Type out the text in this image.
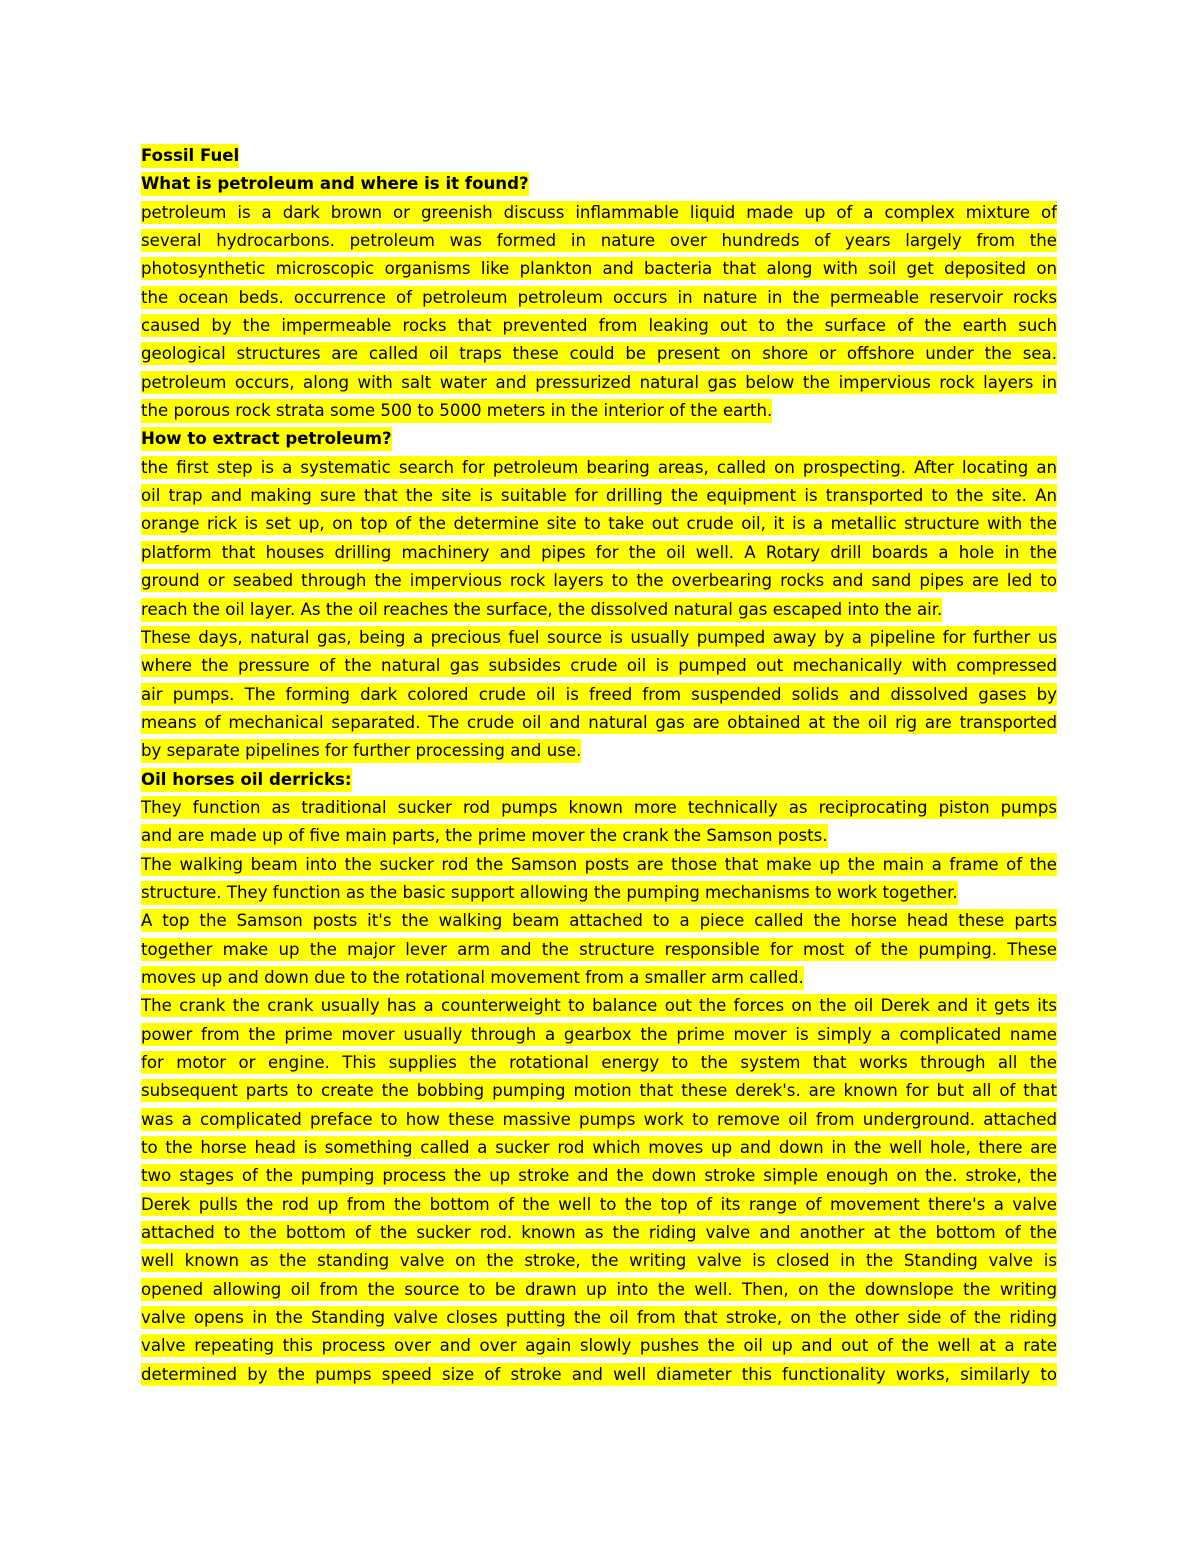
Fossil Fuel
What is petroleum and where is it found?
petroleum is a dark brown or greenish discuss inflammable liquid made up of a complex mixture of
several hydrocarbons. petroleum was formed in nature over hundreds of years largely from the
photosynthetic microscopic organisms like plankton and bacteria that along with soil get deposited on
the ocean beds. occurrence of petroleum petroleum occurs in nature in the permeable reservoir rocks
caused by the impermeable rocks that prevented from leaking out to the surface of the earth such
geological structures are called oil traps these could be present on shore or offshore under the sea.
petroleum occurs, along with salt water and pressurized natural gas below the impervious rock layers in
the porous rock strata some 500 to 5000 meters in the interior of the earth.
How to extract petroleum?
the first step is a systematic search for petroleum bearing areas, called on prospecting. After locating an
oil trap and making sure that the site is suitable for drilling the equipment is transported to the site. An
orange rick is set up, on top of the determine site to take out crude oil, it is a metallic structure with the
platform that houses drilling machinery and pipes for the oil well. A Rotary drill boards a hole in the
ground or seabed through the impervious rock layers to the overbearing rocks and sand pipes are led to
reach the oil layer. As the oil reaches the surface, the dissolved natural gas escaped into the air.
These days, natural gas, being a precious fuel source is usually pumped away by a pipeline for further us
where the pressure of the natural gas subsides crude oil is pumped out mechanically with compressed
air pumps. The forming dark colored crude oil is freed from suspended solids and dissolved gases by
means of mechanical separated. The crude oil and natural gas are obtained at the oil rig are transported
by separate pipelines for further processing and use.
Oil horses oil derricks:
They function as traditional sucker rod pumps known more technically as reciprocating piston pumps
and are made up of five main parts, the prime mover the crank the Samson posts.
The walking beam into the sucker rod the Samson posts are those that make up the main a frame of the
structure. They function as the basic support allowing the pumping mechanisms to work together.
A top the Samson posts it's the walking beam attached to a piece called the horse head these parts
together make up the major lever arm and the structure responsible for most of the pumping. These
moves up and down due to the rotational movement from a smaller arm called.
The crank the crank usually has a counterweight to balance out the forces on the oil Derek and it gets its
power from the prime mover usually through a gearbox the prime mover is simply a complicated name
for motor or engine. This supplies the rotational energy to the system that works through all the
subsequent parts to create the bobbing pumping motion that these derek's. are known for but all of that
was a complicated preface to how these massive pumps work to remove oil from underground. attached
to the horse head is something called a sucker rod which moves up and down in the well hole, there are
two stages of the pumping process the up stroke and the down stroke simple enough on the. stroke, the
Derek pulls the rod up from the bottom of the well to the top of its range of movement there's a valve
attached to the bottom of the sucker rod. known as the riding valve and another at the bottom of the
well known as the standing valve on the stroke, the writing valve is closed in the Standing valve is
opened allowing oil from the source to be drawn up into the well. Then, on the downslope the writing
valve opens in the Standing valve closes putting the oil from that stroke, on the other side of the riding
valve repeating this process over and over again slowly pushes the oil up and out of the well at a rate
determined by the pumps speed size of stroke and well diameter this functionality works, similarly to
